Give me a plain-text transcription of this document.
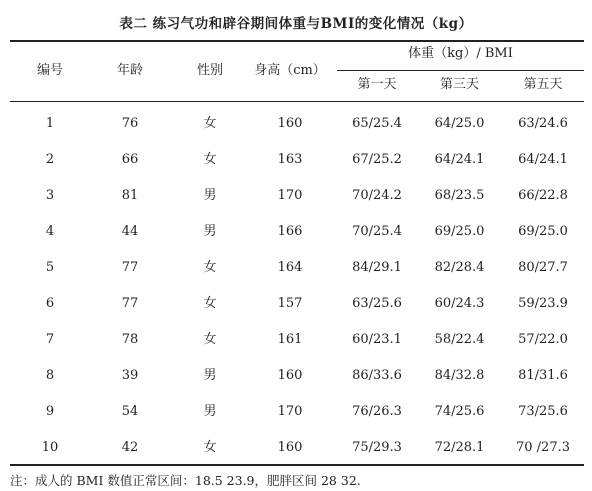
表二 练习气功和辟谷期间体重与BMI的变化情况（kg）
编号	年龄	性别	身高（cm）
体重（kg）/ BMI
第一天	第三天	第五天
1	76	女	160	65/25.4	64/25.0	63/24.6
2	66	女	163	67/25.2	64/24.1	64/24.1
3	81	男	170	70/24.2	68/23.5	66/22.8
4	44	男	166	70/25.4	69/25.0	69/25.0
5	77	女	164	84/29.1	82/28.4	80/27.7
6	77	女	157	63/25.6	60/24.3	59/23.9
7	78	女	161	60/23.1	58/22.4	57/22.0
8	39	男	160	86/33.6	84/32.8	81/31.6
9	54	男	170	76/26.3	74/25.6	73/25.6
10	42	女	160	75/29.3	72/28.1	70 /27.3
注：成人的 BMI 数值正常区间：18.5 23.9，肥胖区间 28 32.
